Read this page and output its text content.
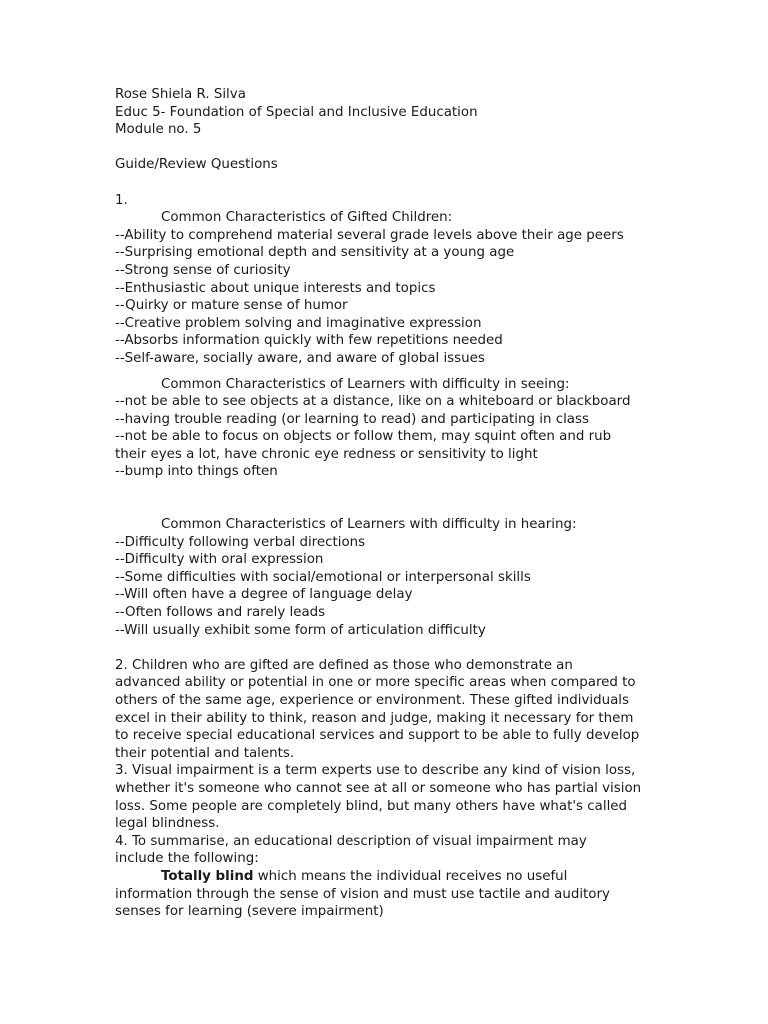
Rose Shiela R. Silva
Educ 5- Foundation of Special and Inclusive Education
Module no. 5
Guide/Review Questions
1.
Common Characteristics of Gifted Children:
--Ability to comprehend material several grade levels above their age peers
--Surprising emotional depth and sensitivity at a young age
--Strong sense of curiosity
--Enthusiastic about unique interests and topics
--Quirky or mature sense of humor
--Creative problem solving and imaginative expression
--Absorbs information quickly with few repetitions needed
--Self-aware, socially aware, and aware of global issues
Common Characteristics of Learners with difficulty in seeing:
--not be able to see objects at a distance, like on a whiteboard or blackboard
--having trouble reading (or learning to read) and participating in class
--not be able to focus on objects or follow them, may squint often and rub
their eyes a lot, have chronic eye redness or sensitivity to light
--bump into things often
Common Characteristics of Learners with difficulty in hearing:
--Difficulty following verbal directions
--Difficulty with oral expression
--Some difficulties with social/emotional or interpersonal skills
--Will often have a degree of language delay
--Often follows and rarely leads
--Will usually exhibit some form of articulation difficulty
2. Children who are gifted are defined as those who demonstrate an
advanced ability or potential in one or more specific areas when compared to
others of the same age, experience or environment. These gifted individuals
excel in their ability to think, reason and judge, making it necessary for them
to receive special educational services and support to be able to fully develop
their potential and talents.
3. Visual impairment is a term experts use to describe any kind of vision loss,
whether it's someone who cannot see at all or someone who has partial vision
loss. Some people are completely blind, but many others have what's called
legal blindness.
4. To summarise, an educational description of visual impairment may
include the following:
Totally blind which means the individual receives no useful
information through the sense of vision and must use tactile and auditory
senses for learning (severe impairment)
